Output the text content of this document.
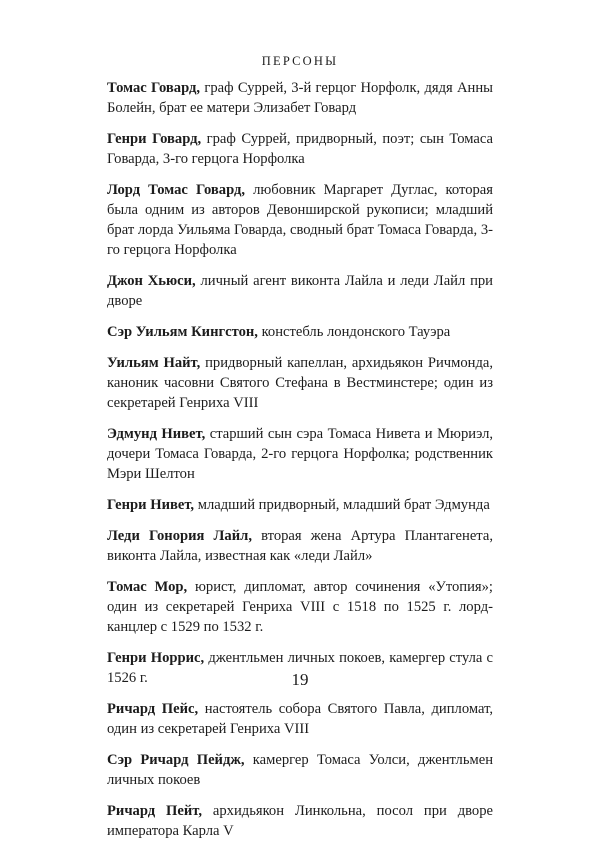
ПЕРСОНЫ

Томас Говард, граф Суррей, 3-й герцог Норфолк, дядя Анны Болейн, брат ее матери Элизабет Говард

Генри Говард, граф Суррей, придворный, поэт; сын Томаса Говарда, 3-го герцога Норфолка

Лорд Томас Говард, любовник Маргарет Дуглас, которая была одним из авторов Девонширской рукописи; младший брат лорда Уильяма Говарда, сводный брат Томаса Говарда, 3-го герцога Норфолка

Джон Хьюси, личный агент виконта Лайла и леди Лайл при дворе

Сэр Уильям Кингстон, констебль лондонского Тауэра

Уильям Найт, придворный капеллан, архидьякон Ричмонда, каноник часовни Святого Стефана в Вестминстере; один из секретарей Генриха VIII

Эдмунд Нивет, старший сын сэра Томаса Нивета и Мюриэл, дочери Томаса Говарда, 2-го герцога Норфолка; родственник Мэри Шелтон

Генри Нивет, младший придворный, младший брат Эдмунда

Леди Гонория Лайл, вторая жена Артура Плантагенета, виконта Лайла, известная как «леди Лайл»

Томас Мор, юрист, дипломат, автор сочинения «Утопия»; один из секретарей Генриха VIII с 1518 по 1525 г. лорд-канцлер с 1529 по 1532 г.

Генри Норрис, джентльмен личных покоев, камергер стула с 1526 г.

Ричард Пейс, настоятель собора Святого Павла, дипломат, один из секретарей Генриха VIII

Сэр Ричард Пейдж, камергер Томаса Уолси, джентльмен личных покоев

Ричард Пейт, архидьякон Линкольна, посол при дворе императора Карла V

19
